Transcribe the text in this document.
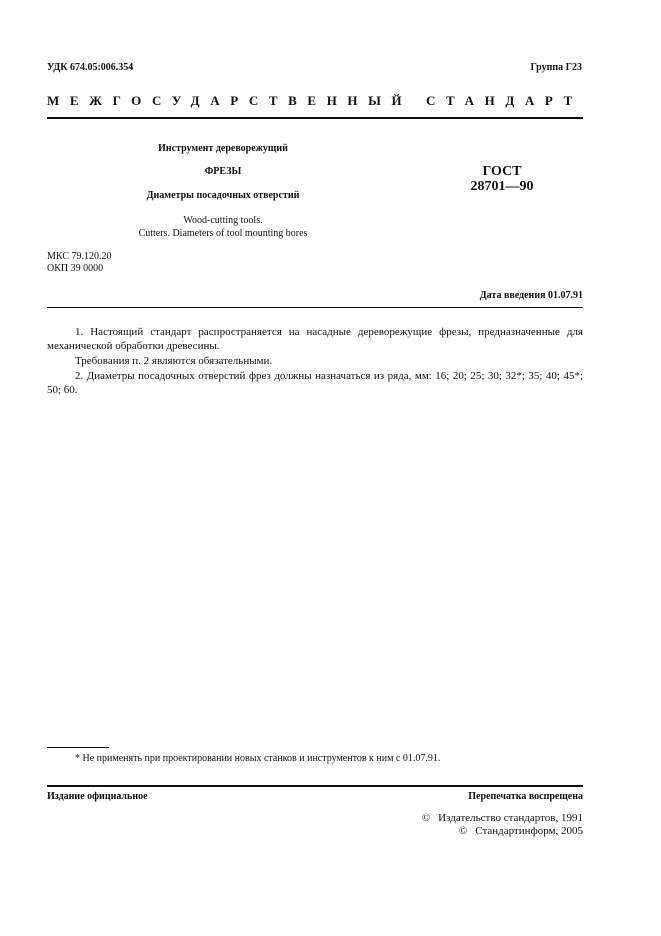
УДК 674.05:006.354	Группа Г23
МЕЖГОСУДАРСТВЕННЫЙ СТАНДАРТ
Инструмент дереворежущий
ФРЕЗЫ
Диаметры посадочных отверстий
Wood-cutting tools.
Cutters. Diameters of tool mounting bores
ГОСТ
28701—90
МКС 79.120.20
ОКП 39 0000
Дата введения 01.07.91
1. Настоящий стандарт распространяется на насадные дереворежущие фрезы, предназначенные для механической обработки древесины.
Требования п. 2 являются обязательными.
2. Диаметры посадочных отверстий фрез должны назначаться из ряда, мм: 16; 20; 25; 30; 32*; 35; 40; 45*; 50; 60.
* Не применять при проектировании новых станков и инструментов к ним с 01.07.91.
Издание официальное	Перепечатка воспрещена
© Издательство стандартов, 1991
© Стандартинформ, 2005
